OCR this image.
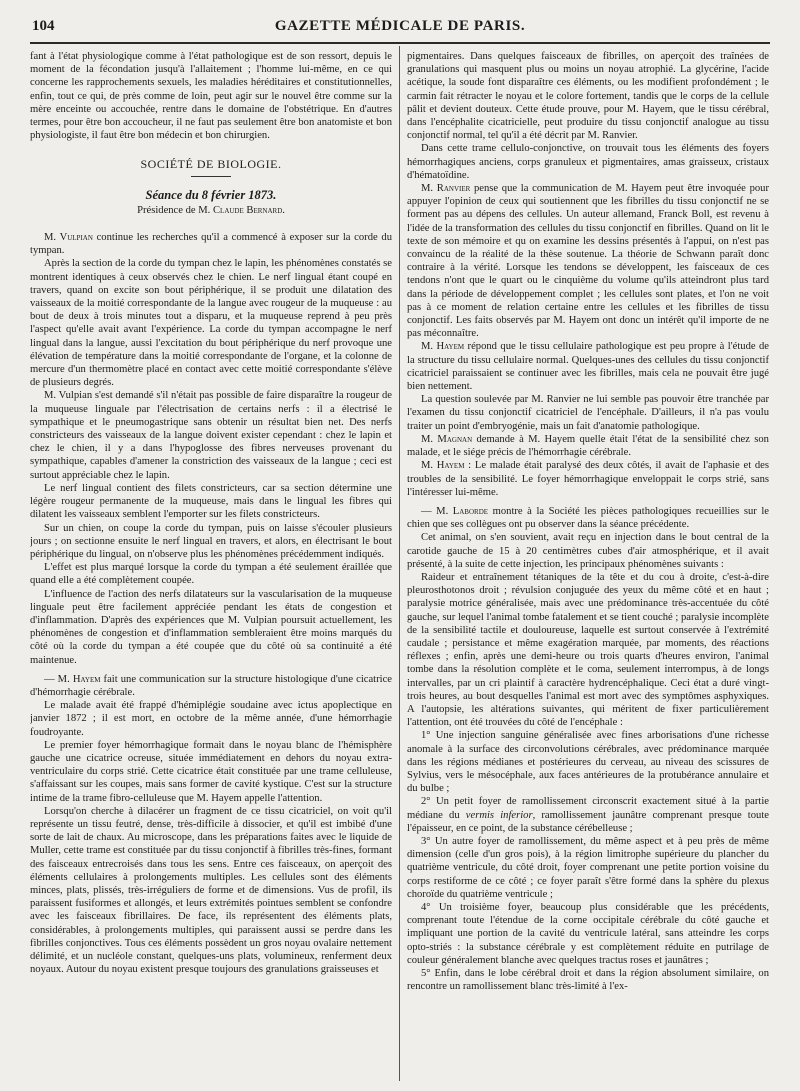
104	GAZETTE MÉDICALE DE PARIS.

fant à l'état physiologique comme à l'état pathologique est de son ressort, depuis le moment de la fécondation jusqu'à l'allaitement ; l'homme lui-même, en ce qui concerne les rapprochements sexuels, les maladies héréditaires et constitutionnelles, enfin, tout ce qui, de près comme de loin, peut agir sur le nouvel être comme sur la mère enceinte ou accouchée, rentre dans le domaine de l'obstétrique. En d'autres termes, pour être bon accoucheur, il ne faut pas seulement être bon anatomiste et bon physiologiste, il faut être bon médecin et bon chirurgien.

SOCIÉTÉ DE BIOLOGIE.
Séance du 8 février 1873.
Présidence de M. Claude Bernard.

M. Vulpian continue les recherches qu'il a commencé à exposer sur la corde du tympan.

Après la section de la corde du tympan chez le lapin, les phénomènes constatés se montrent identiques à ceux observés chez le chien. Le nerf lingual étant coupé en travers, quand on excite son bout périphérique, il se produit une dilatation des vaisseaux de la moitié correspondante de la langue avec rougeur de la muqueuse : au bout de deux à trois minutes tout a disparu, et la muqueuse reprend à peu près l'aspect qu'elle avait avant l'expérience. La corde du tympan accompagne le nerf lingual dans la langue, aussi l'excitation du bout périphérique du nerf provoque une élévation de température dans la moitié correspondante de l'organe, et la colonne de mercure d'un thermomètre placé en contact avec cette moitié correspondante s'élève de plusieurs degrés.

M. Vulpian s'est demandé s'il n'était pas possible de faire disparaître la rougeur de la muqueuse linguale par l'électrisation de certains nerfs : il a électrisé le sympathique et le pneumogastrique sans obtenir un résultat bien net. Des nerfs constricteurs des vaisseaux de la langue doivent exister cependant : chez le lapin et chez le chien, il y a dans l'hypoglosse des fibres nerveuses provenant du sympathique, capables d'amener la constriction des vaisseaux de la langue ; ceci est surtout appréciable chez le lapin.

Le nerf lingual contient des filets constricteurs, car sa section détermine une légère rougeur permanente de la muqueuse, mais dans le lingual les fibres qui dilatent les vaisseaux semblent l'emporter sur les filets constricteurs.

Sur un chien, on coupe la corde du tympan, puis on laisse s'écouler plusieurs jours ; on sectionne ensuite le nerf lingual en travers, et alors, en électrisant le bout périphérique du lingual, on n'observe plus les phénomènes précédemment indiqués.

L'effet est plus marqué lorsque la corde du tympan a été seulement éraillée que quand elle a été complètement coupée.

L'influence de l'action des nerfs dilatateurs sur la vascularisation de la muqueuse linguale peut être facilement appréciée pendant les états de congestion et d'inflammation. D'après des expériences que M. Vulpian poursuit actuellement, les phénomènes de congestion et d'inflammation sembleraient être moins marqués du côté où la corde du tympan a été coupée que du côté où sa continuité a été maintenue.

— M. Hayem fait une communication sur la structure histologique d'une cicatrice d'hémorrhagie cérébrale.

Le malade avait été frappé d'hémiplégie soudaine avec ictus apoplectique en janvier 1872 ; il est mort, en octobre de la même année, d'une hémorrhagie foudroyante.

Le premier foyer hémorrhagique formait dans le noyau blanc de l'hémisphère gauche une cicatrice ocreuse, située immédiatement en dehors du noyau extra-ventriculaire du corps strié. Cette cicatrice était constituée par une trame celluleuse, s'affaissant sur les coupes, mais sans former de cavité kystique. C'est sur la structure intime de la trame fibro-celluleuse que M. Hayem appelle l'attention.

Lorsqu'on cherche à dilacérer un fragment de ce tissu cicatriciel, on voit qu'il représente un tissu feutré, dense, très-difficile à dissocier, et qu'il est imbibé d'une sorte de lait de chaux. Au microscope, dans les préparations faites avec le liquide de Muller, cette trame est constituée par du tissu conjonctif à fibrilles très-fines, formant des faisceaux entrecroisés dans tous les sens. Entre ces faisceaux, on aperçoit des éléments cellulaires à prolongements multiples. Les cellules sont des éléments minces, plats, plissés, très-irréguliers de forme et de dimensions. Vus de profil, ils paraissent fusiformes et allongés, et leurs extrémités pointues semblent se confondre avec les faisceaux fibrillaires. De face, ils représentent des éléments plats, considérables, à prolongements multiples, qui paraissent aussi se perdre dans les fibrilles conjonctives. Tous ces éléments possèdent un gros noyau ovalaire nettement délimité, et un nucléole constant, quelques-uns plats, volumineux, renferment deux noyaux. Autour du noyau existent presque toujours des granulations graisseuses et

pigmentaires. Dans quelques faisceaux de fibrilles, on aperçoit des traînées de granulations qui masquent plus ou moins un noyau atrophié. La glycérine, l'acide acétique, la soude font disparaître ces éléments, ou les modifient profondément ; le carmin fait rétracter le noyau et le colore fortement, tandis que le corps de la cellule pâlit et devient douteux. Cette étude prouve, pour M. Hayem, que le tissu cérébral, dans l'encéphalite cicatricielle, peut produire du tissu conjonctif analogue au tissu conjonctif normal, tel qu'il a été décrit par M. Ranvier.

Dans cette trame cellulo-conjonctive, on trouvait tous les éléments des foyers hémorrhagiques anciens, corps granuleux et pigmentaires, amas graisseux, cristaux d'hématoïdine.

M. Ranvier pense que la communication de M. Hayem peut être invoquée pour appuyer l'opinion de ceux qui soutiennent que les fibrilles du tissu conjonctif ne se forment pas au dépens des cellules. Un auteur allemand, Franck Boll, est revenu à l'idée de la transformation des cellules du tissu conjonctif en fibrilles. Quand on lit le texte de son mémoire et qu on examine les dessins présentés à l'appui, on n'est pas convaincu de la réalité de la thèse soutenue. La théorie de Schwann paraît donc contraire à la vérité. Lorsque les tendons se développent, les faisceaux de ces tendons n'ont que le quart ou le cinquième du volume qu'ils atteindront plus tard dans la période de développement complet ; les cellules sont plates, et l'on ne voit pas à ce moment de relation certaine entre les cellules et les fibrilles de tissu conjonctif. Les faits observés par M. Hayem ont donc un intérêt qu'il importe de ne pas méconnaître.

M. Hayem répond que le tissu cellulaire pathologique est peu propre à l'étude de la structure du tissu cellulaire normal. Quelques-unes des cellules du tissu conjonctif cicatriciel paraissaient se continuer avec les fibrilles, mais cela ne pouvait être jugé bien nettement.

La question soulevée par M. Ranvier ne lui semble pas pouvoir être tranchée par l'examen du tissu conjonctif cicatriciel de l'encéphale. D'ailleurs, il n'a pas voulu traiter un point d'embryogénie, mais un fait d'anatomie pathologique.

M. Magnan demande à M. Hayem quelle était l'état de la sensibilité chez son malade, et le siége précis de l'hémorrhagie cérébrale.

M. Hayem : Le malade était paralysé des deux côtés, il avait de l'aphasie et des troubles de la sensibilité. Le foyer hémorrhagique enveloppait le corps strié, sans l'intéresser lui-même.

— M. Laborde montre à la Société les pièces pathologiques recueillies sur le chien que ses collègues ont pu observer dans la séance précédente.

Cet animal, on s'en souvient, avait reçu en injection dans le bout central de la carotide gauche de 15 à 20 centimètres cubes d'air atmosphérique, et il avait présenté, à la suite de cette injection, les principaux phénomènes suivants :

Raideur et entraînement tétaniques de la tête et du cou à droite, c'est-à-dire pleurosthotonos droit ; révulsion conjuguée des yeux du même côté et en haut ; paralysie motrice généralisée, mais avec une prédominance très-accentuée du côté gauche, sur lequel l'animal tombe fatalement et se tient couché ; paralysie incomplète de la sensibilité tactile et douloureuse, laquelle est surtout conservée à l'extrémité caudale ; persistance et même exagération marquée, par moments, des réactions réflexes ; enfin, après une demi-heure ou trois quarts d'heures environ, l'animal tombe dans la résolution complète et le coma, seulement interrompus, à de longs intervalles, par un cri plaintif à caractère hydrencéphalique. Ceci état a duré vingt-trois heures, au bout desquelles l'animal est mort avec des symptômes asphyxiques. A l'autopsie, les altérations suivantes, qui méritent de fixer particulièrement l'attention, ont été trouvées du côté de l'encéphale :

1° Une injection sanguine généralisée avec fines arborisations d'une richesse anomale à la surface des circonvolutions cérébrales, avec prédominance marquée dans les régions médianes et postérieures du cerveau, au niveau des scissures de Sylvius, vers le mésocéphale, aux faces antérieures de la protubérance annulaire et du bulbe ;

2° Un petit foyer de ramollissement circonscrit exactement situé à la partie médiane du vermis inferior, ramollissement jaunâtre comprenant presque toute l'épaisseur, en ce point, de la substance cérébelleuse ;

3° Un autre foyer de ramollissement, du même aspect et à peu près de même dimension (celle d'un gros pois), à la région limitrophe supérieure du plancher du quatrième ventricule, du côté droit, foyer comprenant une petite portion voisine du corps restiforme de ce côté ; ce foyer paraît s'être formé dans la sphère du plexus choroïde du quatrième ventricule ;

4° Un troisième foyer, beaucoup plus considérable que les précédents, comprenant toute l'étendue de la corne occipitale cérébrale du côté gauche et impliquant une portion de la cavité du ventricule latéral, sans atteindre les corps opto-striés : la substance cérébrale y est complètement réduite en putrilage de couleur généralement blanche avec quelques tractus roses et jaunâtres ;

5° Enfin, dans le lobe cérébral droit et dans la région absolument similaire, on rencontre un ramollissement blanc très-limité à l'ex-
